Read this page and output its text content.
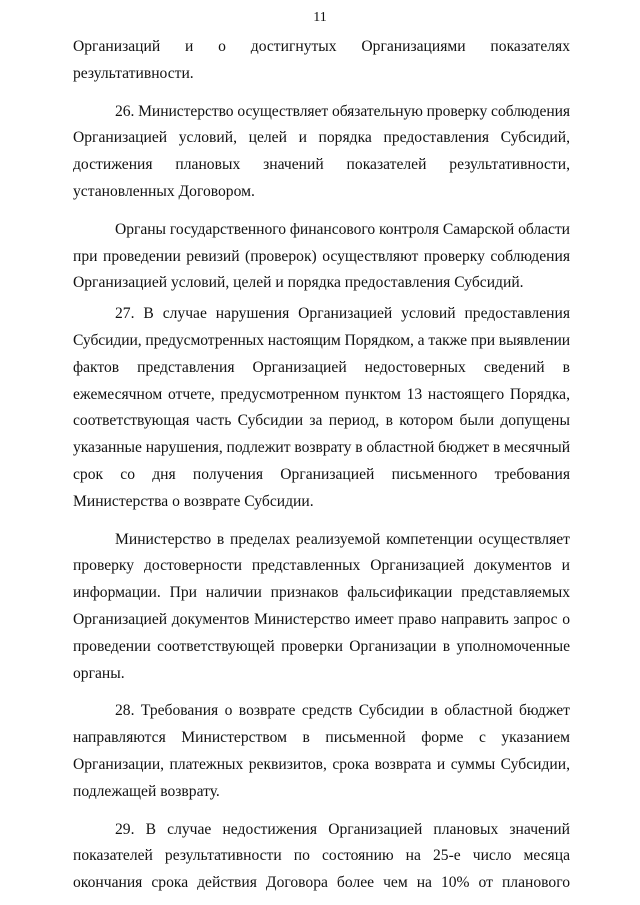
11
Организаций и о достигнутых Организациями показателях
результативности.
26. Министерство осуществляет обязательную проверку соблюдения
Организацией условий, целей и порядка предоставления Субсидий,
достижения плановых значений показателей результативности,
установленных Договором.
Органы государственного финансового контроля Самарской области
при проведении ревизий (проверок) осуществляют проверку соблюдения
Организацией условий, целей и порядка предоставления Субсидий.
27. В случае нарушения Организацией условий предоставления
Субсидии, предусмотренных настоящим Порядком, а также при выявлении
фактов представления Организацией недостоверных сведений в
ежемесячном отчете, предусмотренном пунктом 13 настоящего Порядка,
соответствующая часть Субсидии за период, в котором были допущены
указанные нарушения, подлежит возврату в областной бюджет в месячный
срок со дня получения Организацией письменного требования
Министерства о возврате Субсидии.
Министерство в пределах реализуемой компетенции осуществляет
проверку достоверности представленных Организацией документов и
информации. При наличии признаков фальсификации представляемых
Организацией документов Министерство имеет право направить запрос о
проведении соответствующей проверки Организации в уполномоченные
органы.
28. Требования о возврате средств Субсидии в областной бюджет
направляются Министерством в письменной форме с указанием
Организации, платежных реквизитов, срока возврата и суммы Субсидии,
подлежащей возврату.
29. В случае недостижения Организацией плановых значений
показателей результативности по состоянию на 25-е число месяца
окончания срока действия Договора более чем на 10% от планового
